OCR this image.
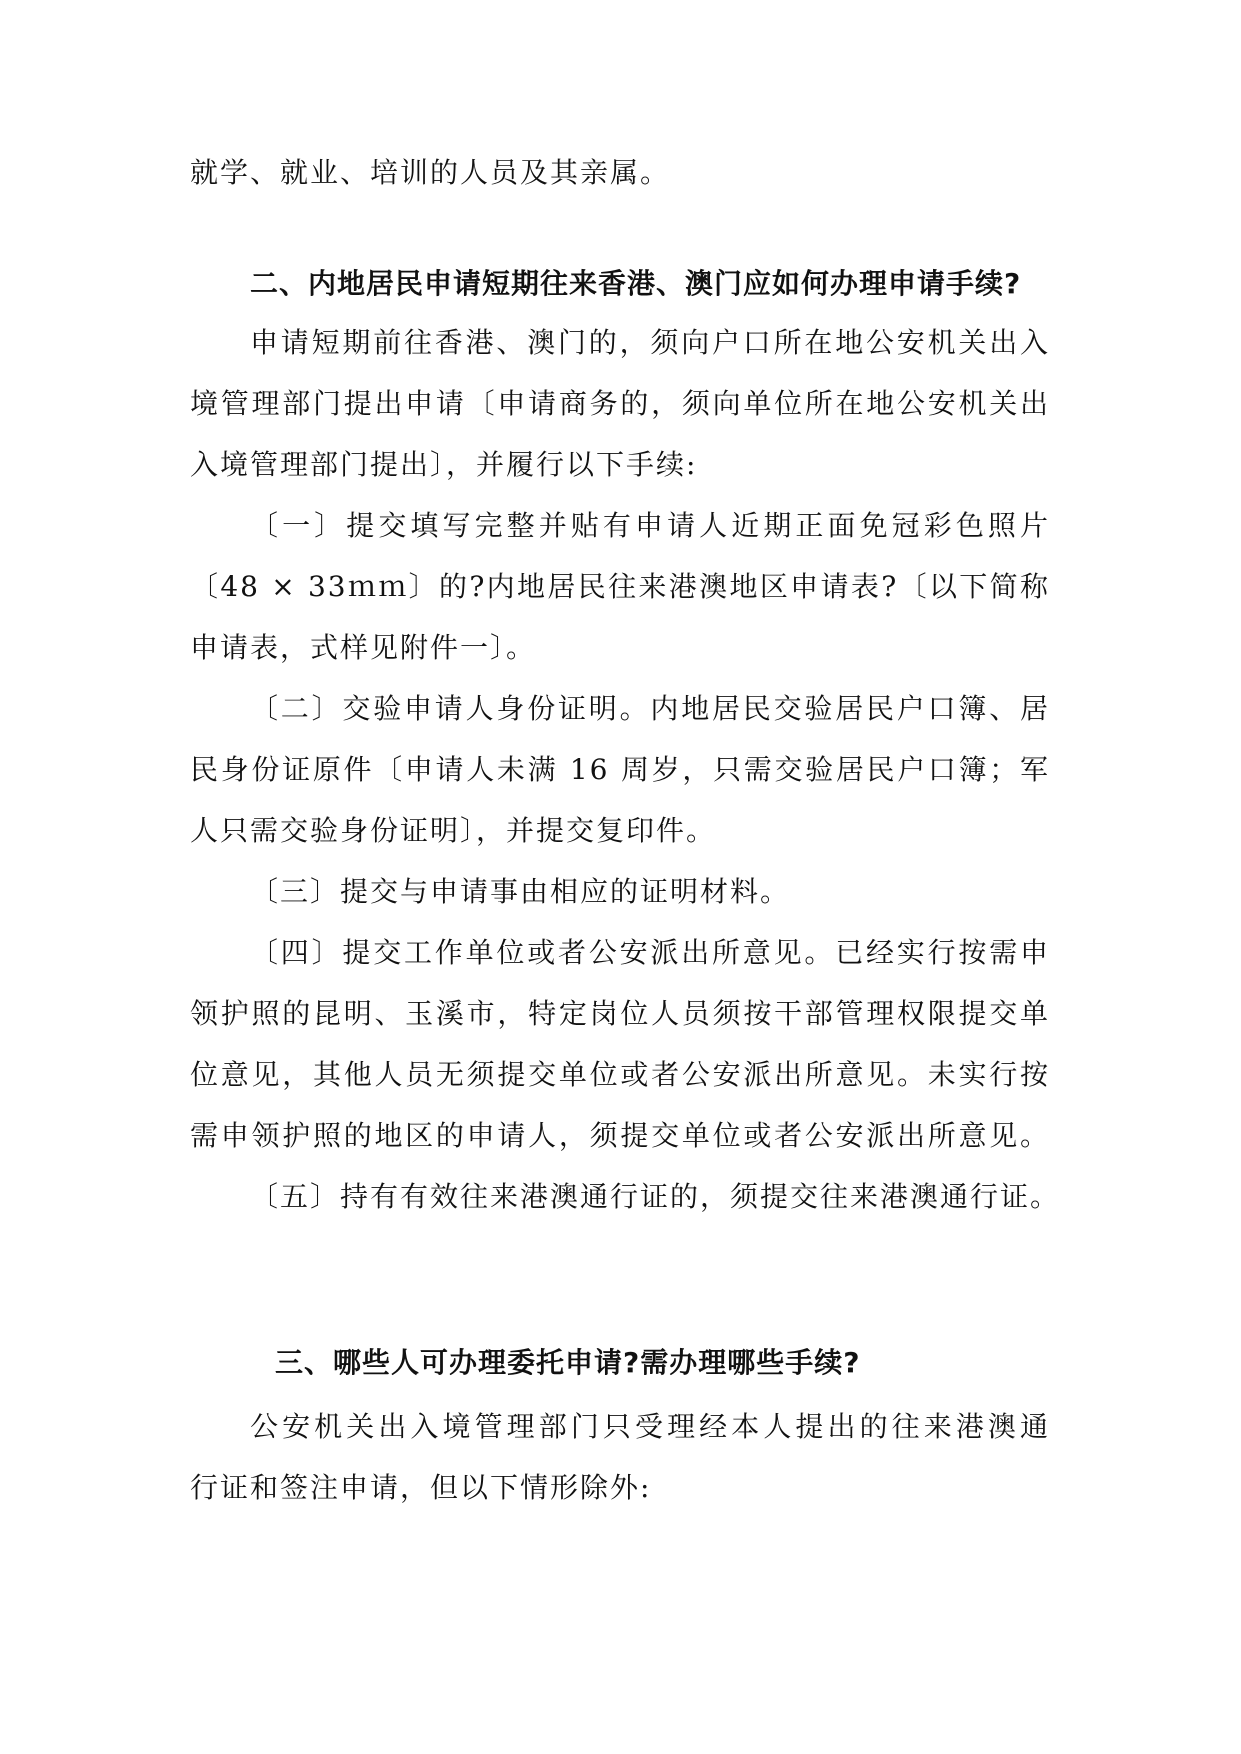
就学、就业、培训的人员及其亲属。
二、内地居民申请短期往来香港、澳门应如何办理申请手续?
申请短期前往香港、澳门的，须向户口所在地公安机关出入
境管理部门提出申请〔申请商务的，须向单位所在地公安机关出
入境管理部门提出〕，并履行以下手续:
〔一〕提交填写完整并贴有申请人近期正面免冠彩色照片
〔48 × 33ｍｍ〕的?内地居民往来港澳地区申请表?〔以下简称
申请表，式样见附件一〕。
〔二〕交验申请人身份证明。内地居民交验居民户口簿、居
民身份证原件〔申请人未满 16 周岁，只需交验居民户口簿；军
人只需交验身份证明〕，并提交复印件。
〔三〕提交与申请事由相应的证明材料。
〔四〕提交工作单位或者公安派出所意见。已经实行按需申
领护照的昆明、玉溪市，特定岗位人员须按干部管理权限提交单
位意见，其他人员无须提交单位或者公安派出所意见。未实行按
需申领护照的地区的申请人，须提交单位或者公安派出所意见。
〔五〕持有有效往来港澳通行证的，须提交往来港澳通行证。
三、哪些人可办理委托申请?需办理哪些手续?
公安机关出入境管理部门只受理经本人提出的往来港澳通
行证和签注申请，但以下情形除外:
